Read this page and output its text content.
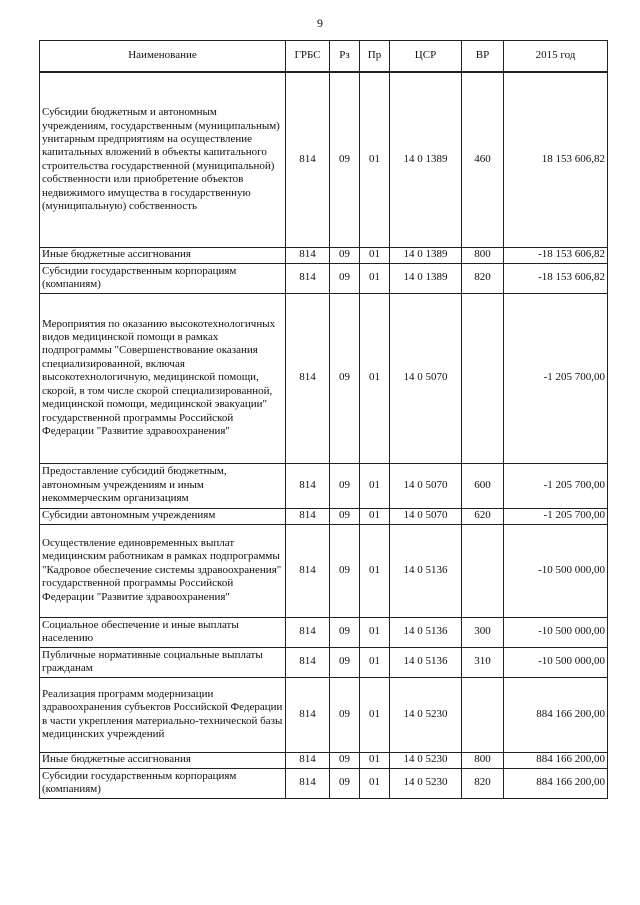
9
Наименование	ГРБС	Рз	Пр	ЦСР	ВР	2015 год
Субсидии бюджетным и автономным учреждениям, государственным (муниципальным) унитарным предприятиям на осуществление капитальных вложений в объекты капитального строительства государственной (муниципальной) собственности или приобретение объектов недвижимого имущества в государственную (муниципальную) собственность	814	09	01	14 0 1389	460	18 153 606,82
Иные бюджетные ассигнования	814	09	01	14 0 1389	800	-18 153 606,82
Субсидии государственным корпорациям (компаниям)	814	09	01	14 0 1389	820	-18 153 606,82
Мероприятия по оказанию высокотехнологичных видов медицинской помощи в рамках подпрограммы "Совершенствование оказания специализированной, включая высокотехнологичную, медицинской помощи, скорой, в том числе скорой специализированной, медицинской помощи, медицинской эвакуации" государственной программы Российской Федерации "Развитие здравоохранения"	814	09	01	14 0 5070		-1 205 700,00
Предоставление субсидий бюджетным, автономным учреждениям и иным некоммерческим организациям	814	09	01	14 0 5070	600	-1 205 700,00
Субсидии автономным учреждениям	814	09	01	14 0 5070	620	-1 205 700,00
Осуществление единовременных выплат медицинским работникам в рамках подпрограммы "Кадровое обеспечение системы здравоохранения" государственной программы Российской Федерации "Развитие здравоохранения"	814	09	01	14 0 5136		-10 500 000,00
Социальное обеспечение и иные выплаты населению	814	09	01	14 0 5136	300	-10 500 000,00
Публичные нормативные социальные выплаты гражданам	814	09	01	14 0 5136	310	-10 500 000,00
Реализация программ модернизации здравоохранения субъектов Российской Федерации в части укрепления материально-технической базы медицинских учреждений	814	09	01	14 0 5230		884 166 200,00
Иные бюджетные ассигнования	814	09	01	14 0 5230	800	884 166 200,00
Субсидии государственным корпорациям (компаниям)	814	09	01	14 0 5230	820	884 166 200,00
